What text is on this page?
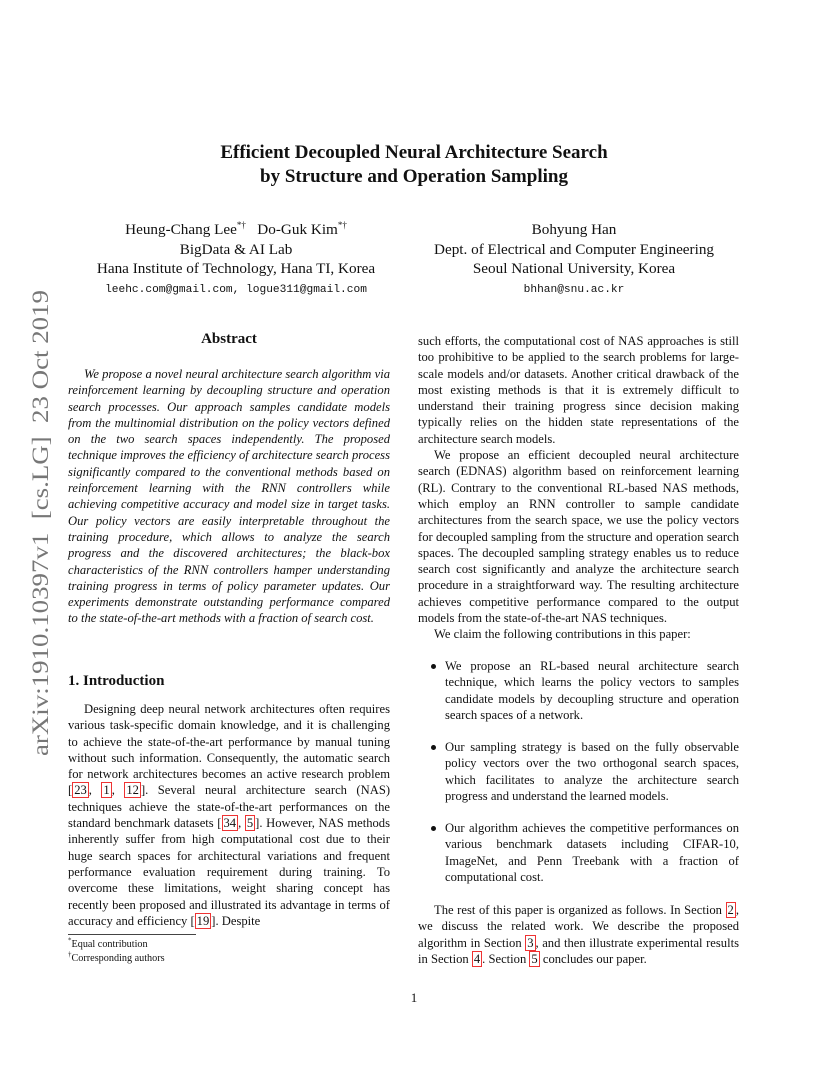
arXiv:1910.10397v1  [cs.LG]  23 Oct 2019
Efficient Decoupled Neural Architecture Search
by Structure and Operation Sampling
Heung-Chang Lee*† Do-Guk Kim*†
BigData & AI Lab
Hana Institute of Technology, Hana TI, Korea
leehc.com@gmail.com, logue311@gmail.com
Bohyung Han
Dept. of Electrical and Computer Engineering
Seoul National University, Korea
bhhan@snu.ac.kr
Abstract

We propose a novel neural architecture search algorithm via reinforcement learning by decoupling structure and operation search processes. Our approach samples candidate models from the multinomial distribution on the policy vectors defined on the two search spaces independently. The proposed technique improves the efficiency of architecture search process significantly compared to the conventional methods based on reinforcement learning with the RNN controllers while achieving competitive accuracy and model size in target tasks. Our policy vectors are easily interpretable throughout the training procedure, which allows to analyze the search progress and the discovered architectures; the black-box characteristics of the RNN controllers hamper understanding training progress in terms of policy parameter updates. Our experiments demonstrate outstanding performance compared to the state-of-the-art methods with a fraction of search cost.

1. Introduction

Designing deep neural network architectures often requires various task-specific domain knowledge, and it is challenging to achieve the state-of-the-art performance by manual tuning without such information. Consequently, the automatic search for network architectures becomes an active research problem [ 23 , 1 , 12 ]. Several neural architecture search (NAS) techniques achieve the state-of-the-art performances on the standard benchmark datasets [ 34 , 5 ]. However, NAS methods inherently suffer from high computational cost due to their huge search spaces for architectural variations and frequent performance evaluation requirement during training. To overcome these limitations, weight sharing concept has recently been proposed and illustrated its advantage in terms of accuracy and efficiency [ 19 ]. Despite

such efforts, the computational cost of NAS approaches is still too prohibitive to be applied to the search problems for large-scale models and/or datasets. Another critical drawback of the most existing methods is that it is extremely difficult to understand their training progress since decision making typically relies on the hidden state representations of the architecture search models.

We propose an efficient decoupled neural architecture search (EDNAS) algorithm based on reinforcement learning (RL). Contrary to the conventional RL-based NAS methods, which employ an RNN controller to sample candidate architectures from the search space, we use the policy vectors for decoupled sampling from the structure and operation search spaces. The decoupled sampling strategy enables us to reduce search cost significantly and analyze the architecture search procedure in a straightforward way. The resulting architecture achieves competitive performance compared to the output models from the state-of-the-art NAS techniques.

We claim the following contributions in this paper:

We propose an RL-based neural architecture search technique, which learns the policy vectors to samples candidate models by decoupling structure and operation search spaces of a network.
Our sampling strategy is based on the fully observable policy vectors over the two orthogonal search spaces, which facilitates to analyze the architecture search progress and understand the learned models.
Our algorithm achieves the competitive performances on various benchmark datasets including CIFAR-10, ImageNet, and Penn Treebank with a fraction of computational cost.

The rest of this paper is organized as follows. In Section 2 , we discuss the related work. We describe the proposed algorithm in Section 3 , and then illustrate experimental results in Section 4 . Section 5 concludes our paper.

*Equal contribution
†Corresponding authors
1
